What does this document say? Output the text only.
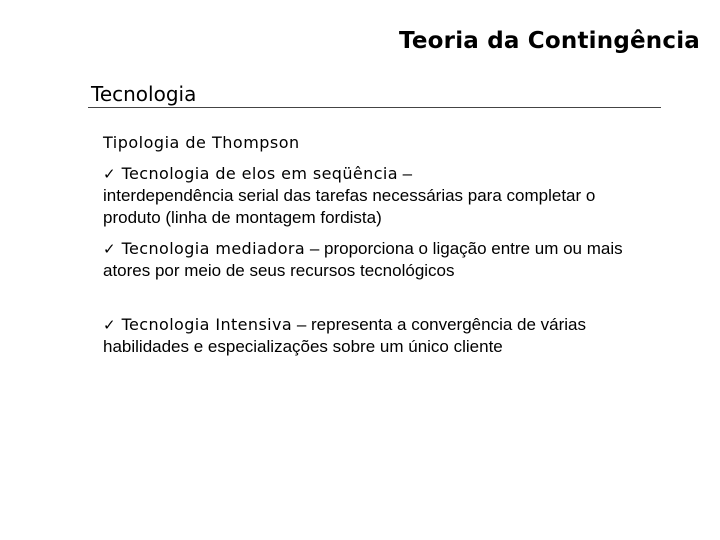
Teoria da Contingência
Tecnologia
Tipologia de Thompson
✓ Tecnologia de elos em seqüência –
interdependência serial das tarefas necessárias para completar o produto (linha de montagem fordista)
✓ Tecnologia mediadora – proporciona o ligação entre um ou mais atores por meio de seus recursos tecnológicos
✓ Tecnologia Intensiva – representa a convergência de várias habilidades e especializações sobre um único cliente
